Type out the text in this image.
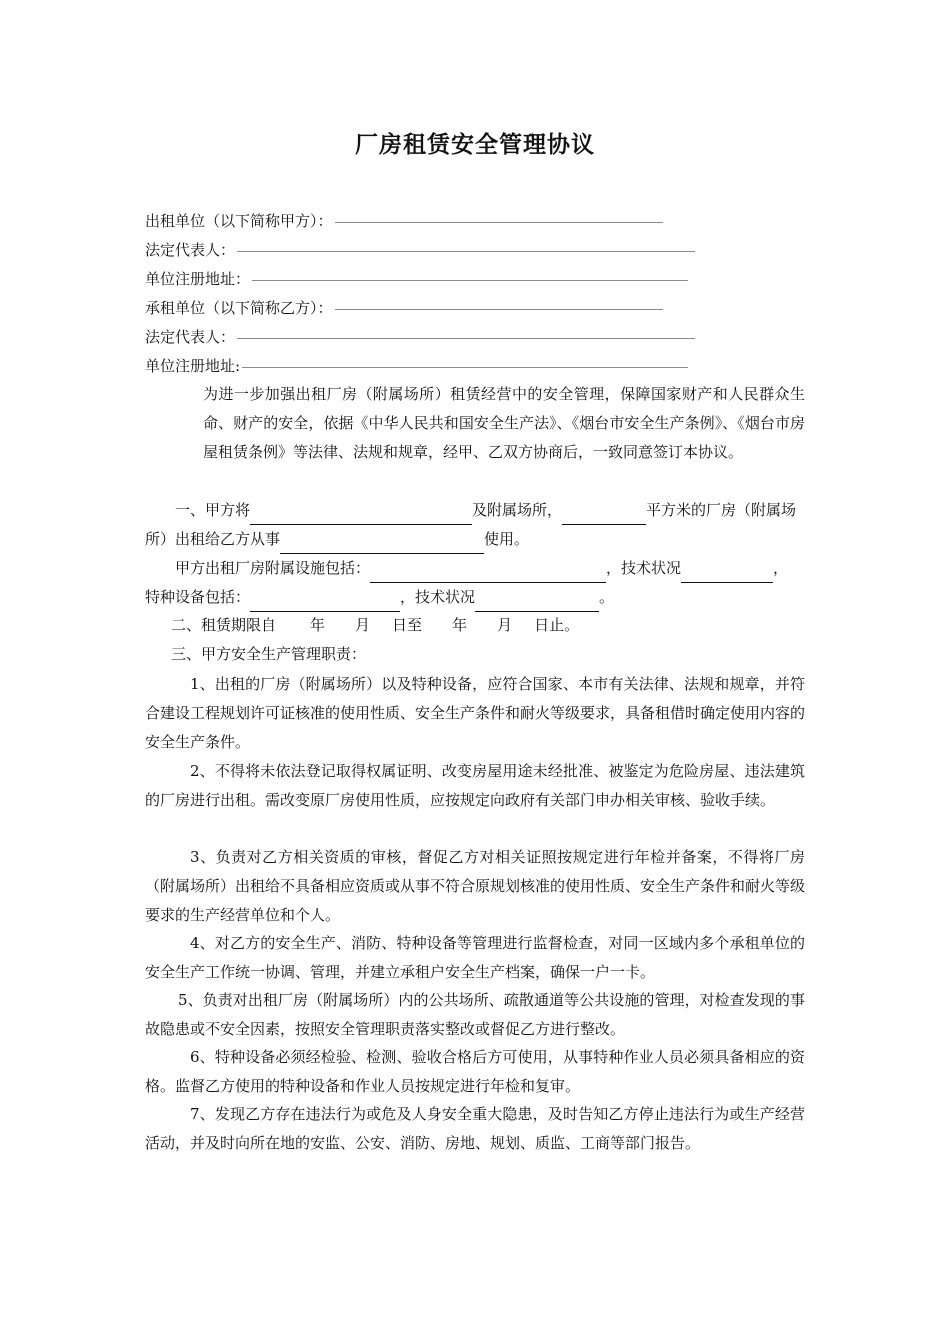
厂房租赁安全管理协议
出租单位（以下简称甲方）：
法定代表人：
单位注册地址：
承租单位（以下简称乙方）：
法定代表人：
单位注册地址:
为进一步加强出租厂房（附属场所）租赁经营中的安全管理，保障国家财产和人民群众生命、财产的安全，依据《中华人民共和国安全生产法》、《烟台市安全生产条例》、《烟台市房屋租赁条例》等法律、法规和规章，经甲、乙双方协商后，一致同意签订本协议。
一、甲方将	及附属场所，	平方米的厂房（附属场所）出租给乙方从事	使用。
甲方出租厂房附属设施包括：	，技术状况	，
特种设备包括：	，技术状况	。
二、租赁期限自 年 月 日至 年 月 日止。
三、甲方安全生产管理职责：
1、出租的厂房（附属场所）以及特种设备，应符合国家、本市有关法律、法规和规章，并符合建设工程规划许可证核准的使用性质、安全生产条件和耐火等级要求，具备租借时确定使用内容的安全生产条件。
2、不得将未依法登记取得权属证明、改变房屋用途未经批准、被鉴定为危险房屋、违法建筑的厂房进行出租。需改变原厂房使用性质，应按规定向政府有关部门申办相关审核、验收手续。
3、负责对乙方相关资质的审核，督促乙方对相关证照按规定进行年检并备案，不得将厂房（附属场所）出租给不具备相应资质或从事不符合原规划核准的使用性质、安全生产条件和耐火等级要求的生产经营单位和个人。
4、对乙方的安全生产、消防、特种设备等管理进行监督检查，对同一区域内多个承租单位的安全生产工作统一协调、管理，并建立承租户安全生产档案，确保一户一卡。
5、负责对出租厂房（附属场所）内的公共场所、疏散通道等公共设施的管理，对检查发现的事故隐患或不安全因素，按照安全管理职责落实整改或督促乙方进行整改。
6、特种设备必须经检验、检测、验收合格后方可使用，从事特种作业人员必须具备相应的资格。监督乙方使用的特种设备和作业人员按规定进行年检和复审。
7、发现乙方存在违法行为或危及人身安全重大隐患，及时告知乙方停止违法行为或生产经营活动，并及时向所在地的安监、公安、消防、房地、规划、质监、工商等部门报告。
